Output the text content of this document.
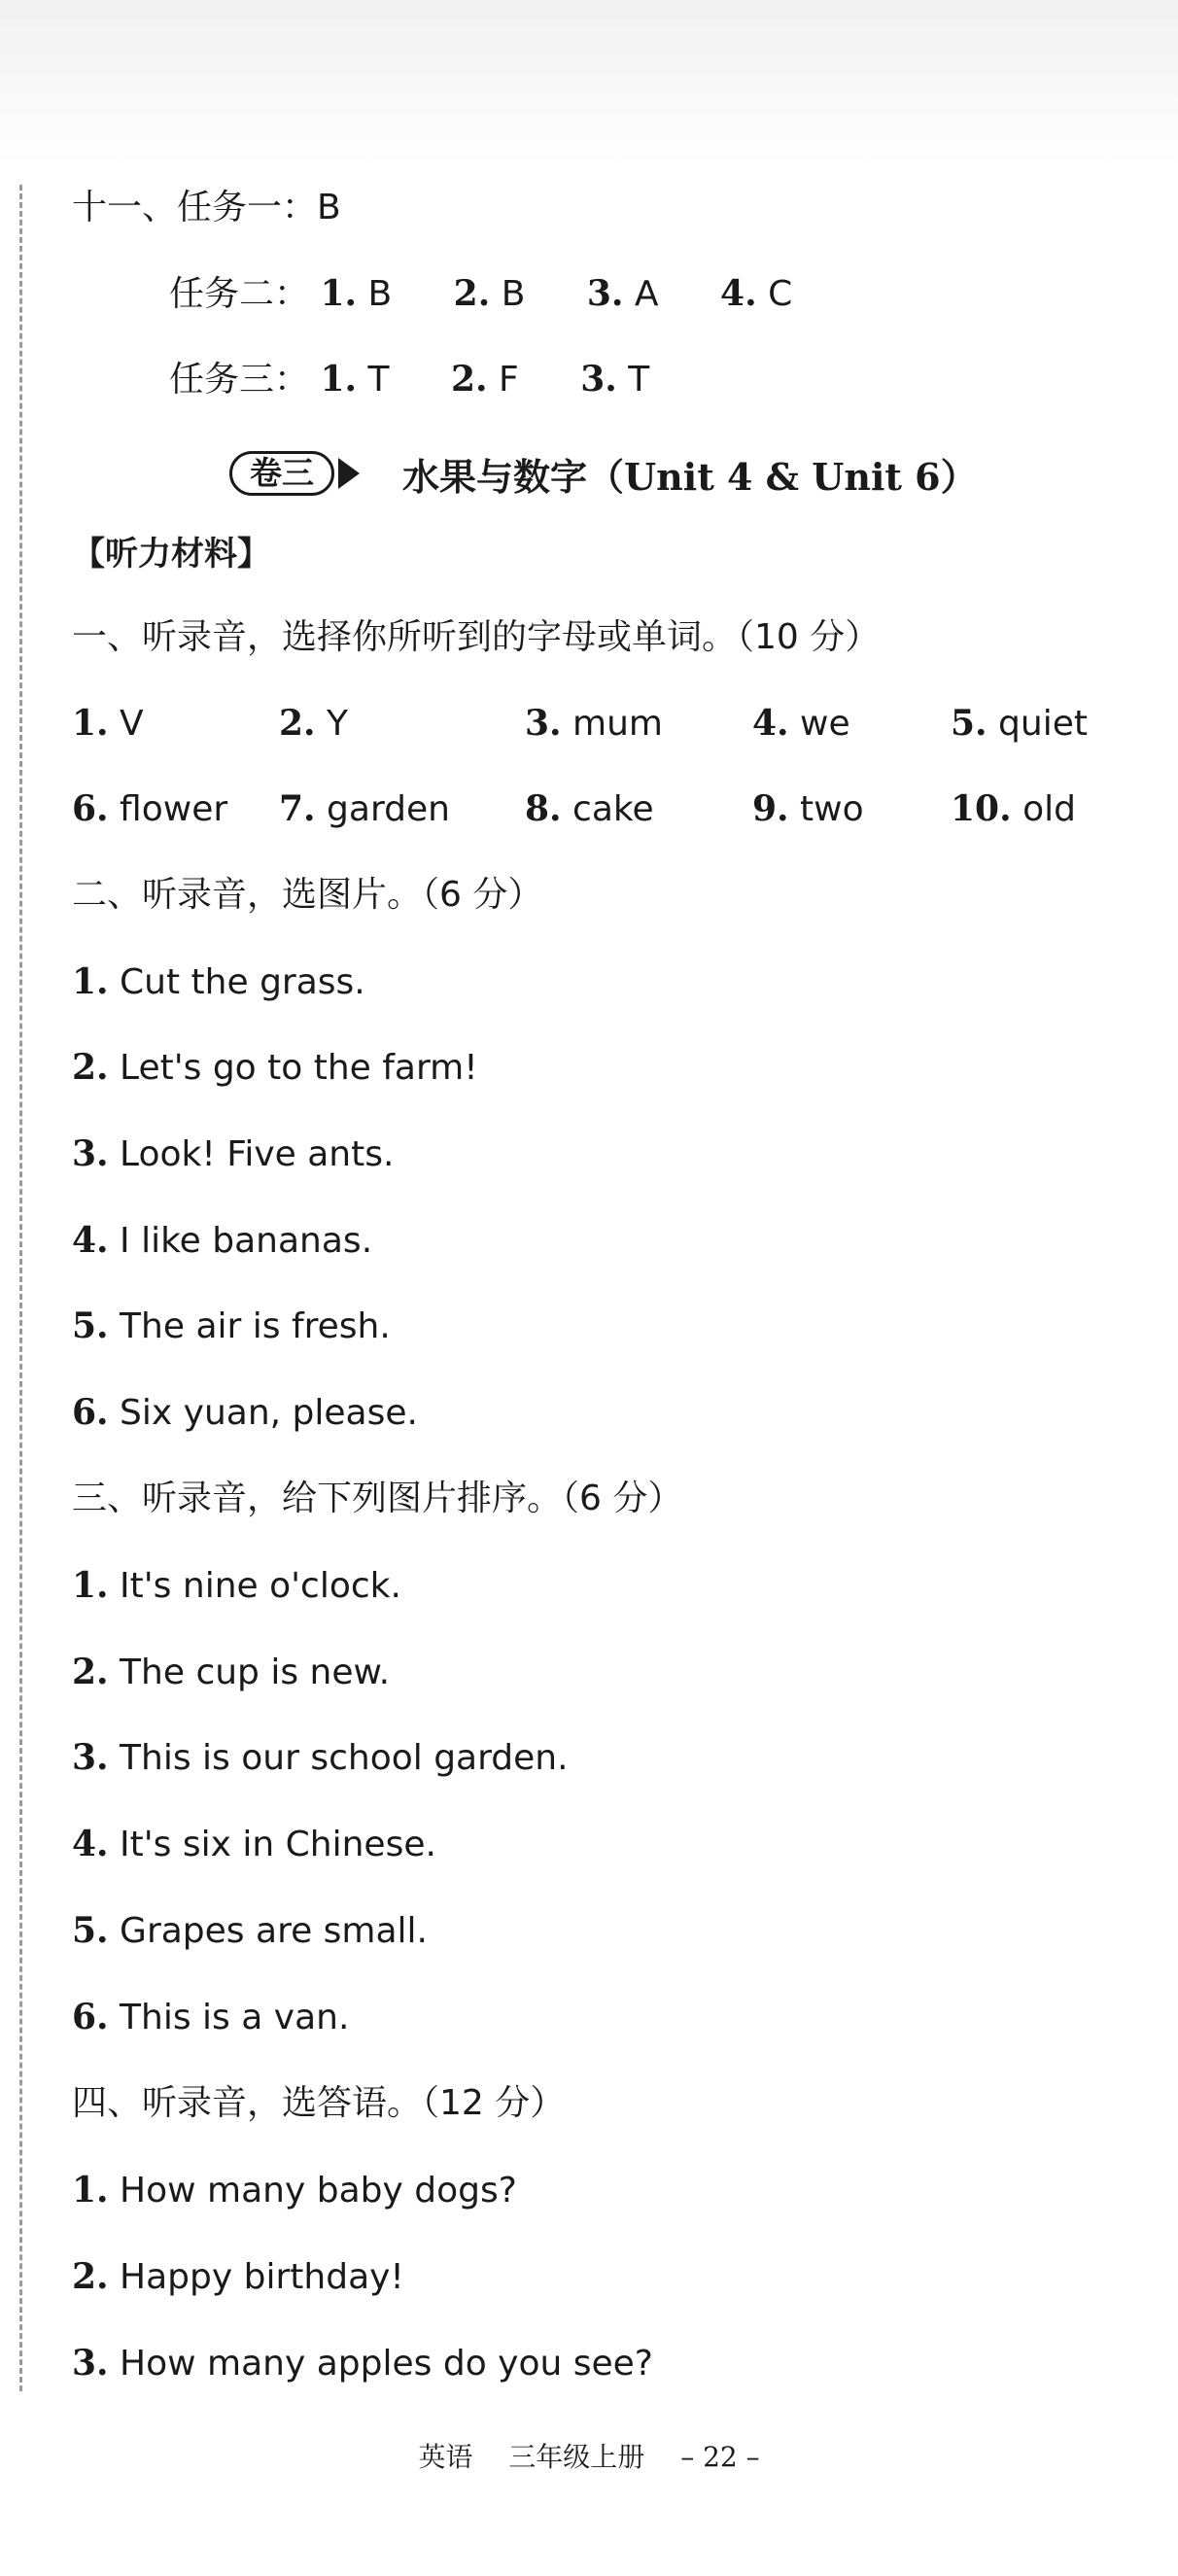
十一、任务一：B
任务二： 1. B 2. B 3. A 4. C
任务三： 1. T 2. F 3. T
卷三	水果与数字（Unit 4 & Unit 6）
【听力材料】
一、听录音，选择你所听到的字母或单词。（10 分）
1. V	2. Y	3. mum	4. we	5. quiet
6. flower 7. garden 8. cake	9. two 10. old
二、听录音，选图片。（6 分）
1. Cut the grass.
2. Let's go to the farm!
3. Look! Five ants.
4. I like bananas.
5. The air is fresh.
6. Six yuan, please.
三、听录音，给下列图片排序。（6 分）
1. It's nine o'clock.
2. The cup is new.
3. This is our school garden.
4. It's six in Chinese.
5. Grapes are small.
6. This is a van.
四、听录音，选答语。（12 分）
1. How many baby dogs?
2. Happy birthday!
3. How many apples do you see?
英语 三年级上册 – 22 –
